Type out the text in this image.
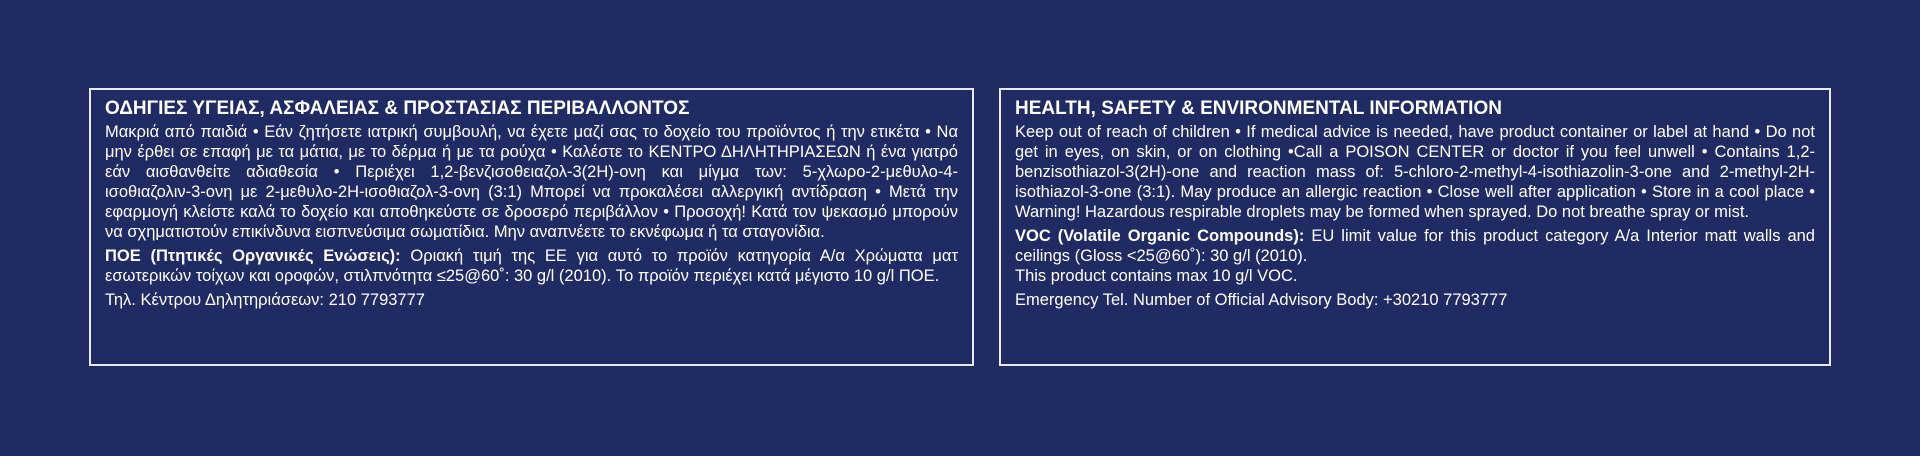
ΟΔΗΓΙΕΣ ΥΓΕΙΑΣ, ΑΣΦΑΛΕΙΑΣ & ΠΡΟΣΤΑΣΙΑΣ ΠΕΡΙΒΑΛΛΟΝΤΟΣ

Μακριά από παιδιά • Εάν ζητήσετε ιατρική συμβουλή, να έχετε μαζί σας το δοχείο του προϊόντος ή την ετικέτα • Να μην έρθει σε επαφή με τα μάτια, με το δέρμα ή με τα ρούχα • Καλέστε το ΚΕΝΤΡΟ ΔΗΛΗΤΗΡΙΑΣΕΩΝ ή ένα γιατρό εάν αισθανθείτε αδιαθεσία • Περιέχει 1,2-βενζισοθειαζολ-3(2Η)-ονη και μίγμα των: 5-χλωρο-2-μεθυλο-4-ισοθιαζολιν-3-ονη με 2-μεθυλο-2Η-ισοθιαζολ-3-ονη (3:1) Μπορεί να προκαλέσει αλλεργική αντίδραση • Μετά την εφαρμογή κλείστε καλά το δοχείο και αποθηκεύστε σε δροσερό περιβάλλον • Προσοχή! Κατά τον ψεκασμό μπορούν να σχηματιστούν επικίνδυνα εισπνεύσιμα σωματίδια. Μην αναπνέετε το εκνέφωμα ή τα σταγονίδια.

ΠΟΕ (Πτητικές Οργανικές Ενώσεις): Οριακή τιμή της ΕΕ για αυτό το προϊόν κατηγορία Α/α Χρώματα ματ εσωτερικών τοίχων και οροφών, στιλπνότητα ≤25@60˚: 30 g/l (2010). Το προϊόν περιέχει κατά μέγιστο 10 g/l ΠΟΕ.

Τηλ. Κέντρου Δηλητηριάσεων: 210 7793777

HEALTH, SAFETY & ENVIRONMENTAL INFORMATION

Keep out of reach of children • If medical advice is needed, have product container or label at hand • Do not get in eyes, on skin, or on clothing •Call a POISON CENTER or doctor if you feel unwell • Contains 1,2-benzisothiazol-3(2H)-one and reaction mass of: 5-chloro-2-methyl-4-isothiazolin-3-one and 2-methyl-2H-isothiazol-3-one (3:1). May produce an allergic reaction • Close well after application • Store in a cool place • Warning! Hazardous respirable droplets may be formed when sprayed. Do not breathe spray or mist.

VOC (Volatile Organic Compounds): EU limit value for this product category A/a Interior matt walls and ceilings (Gloss <25@60˚): 30 g/l (2010).

This product contains max 10 g/l VOC.

Emergency Tel. Number of Official Advisory Body: +30210 7793777
